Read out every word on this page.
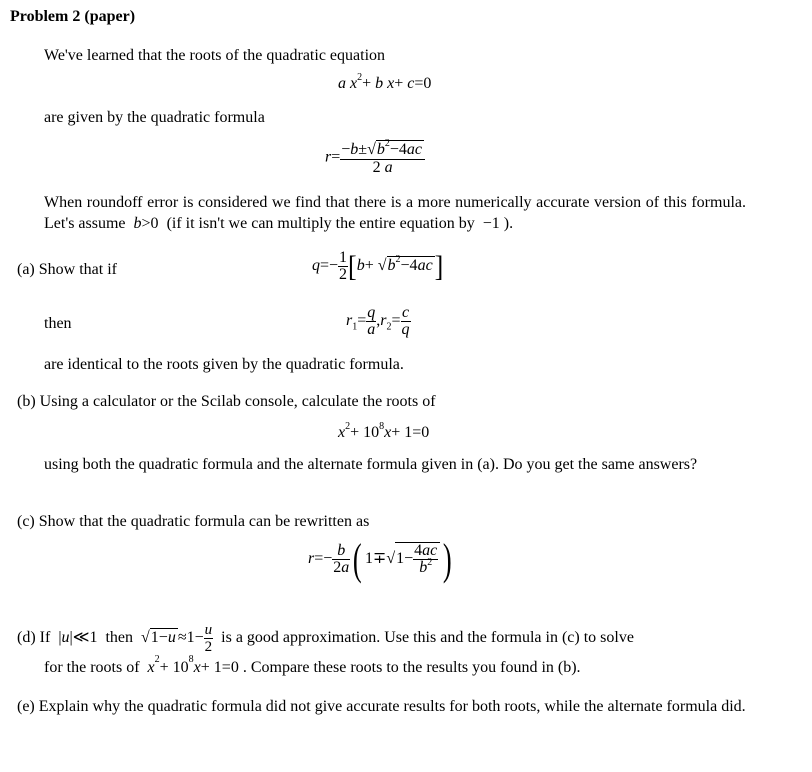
Problem 2 (paper)
We've learned that the roots of the quadratic equation
a $x^2+ b$ x+ c=0
are given by the quadratic formula
$r= \frac{-b\pm√b^2-4ac}{2 a}$
When roundoff error is considered we find that there is a more numerically accurate version of this formula. Let's assume  b>0  (if it isn't we can multiply the entire equation by  −1 ).
(a) Show that if	$q=- \frac{1}{2} [b+ √b^2-4ac]$
then	$r_1= \frac{q}{a} ,r_2= \frac{c}{q}$
are identical to the roots given by the quadratic formula.
(b) Using a calculator or the Scilab console, calculate the roots of
$x^2+ 10^8x+ 1=0$
using both the quadratic formula and the alternate formula given in (a). Do you get the same answers?
(c) Show that the quadratic formula can be rewritten as
$r=- \frac{b}{2a}$ ( $1\mp√1- \frac{4ac}{b^2}$ )
(d) If  |u|≪1  then $√1-u \approx 1- \frac{u}{2}$ is a good approximation. Use this and the formula in (c) to solve
for the roots of $x^2+ 10^8x+ 1=0$ . Compare these roots to the results you found in (b).
(e) Explain why the quadratic formula did not give accurate results for both roots, while the alternate formula did.
